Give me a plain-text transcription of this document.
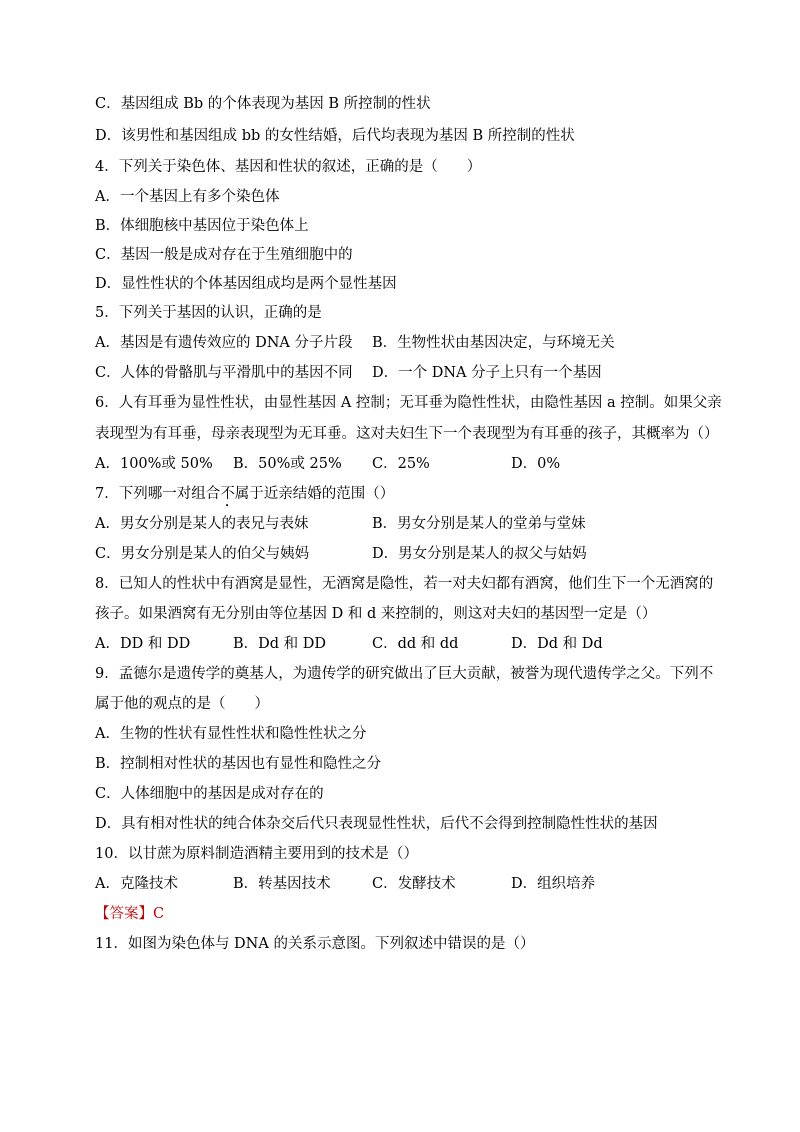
C．基因组成 Bb 的个体表现为基因 B 所控制的性状
D．该男性和基因组成 bb 的女性结婚，后代均表现为基因 B 所控制的性状
4．下列关于染色体、基因和性状的叙述，正确的是（　　）
A．一个基因上有多个染色体
B．体细胞核中基因位于染色体上
C．基因一般是成对存在于生殖细胞中的
D．显性性状的个体基因组成均是两个显性基因
5．下列关于基因的认识，正确的是
A．基因是有遗传效应的 DNA 分子片段 B．生物性状由基因决定，与环境无关
C．人体的骨骼肌与平滑肌中的基因不同 D．一个 DNA 分子上只有一个基因
6．人有耳垂为显性性状，由显性基因 A 控制；无耳垂为隐性性状，由隐性基因 a 控制。如果父亲
表现型为有耳垂，母亲表现型为无耳垂。这对夫妇生下一个表现型为有耳垂的孩子，其概率为（）
A．100%或 50% B．50%或 25% C．25%	D．0%
7．下列哪一对组合不属于近亲结婚的范围（）
A．男女分别是某人的表兄与表妹	B．男女分别是某人的堂弟与堂妹
C．男女分别是某人的伯父与姨妈	D．男女分别是某人的叔父与姑妈
8．已知人的性状中有酒窝是显性，无酒窝是隐性，若一对夫妇都有酒窝，他们生下一个无酒窝的
孩子。如果酒窝有无分别由等位基因 D 和 d 来控制的，则这对夫妇的基因型一定是（）
A．DD 和 DD	B．Dd 和 DD	C．dd 和 dd	D．Dd 和 Dd
9．孟德尔是遗传学的奠基人，为遗传学的研究做出了巨大贡献，被誉为现代遗传学之父。下列不
属于他的观点的是（　　）
A．生物的性状有显性性状和隐性性状之分
B．控制相对性状的基因也有显性和隐性之分
C．人体细胞中的基因是成对存在的
D．具有相对性状的纯合体杂交后代只表现显性性状，后代不会得到控制隐性性状的基因
10．以甘蔗为原料制造酒精主要用到的技术是（）
A．克隆技术	B．转基因技术	C．发酵技术	D．组织培养
【答案】C
11．如图为染色体与 DNA 的关系示意图。下列叙述中错误的是（）
